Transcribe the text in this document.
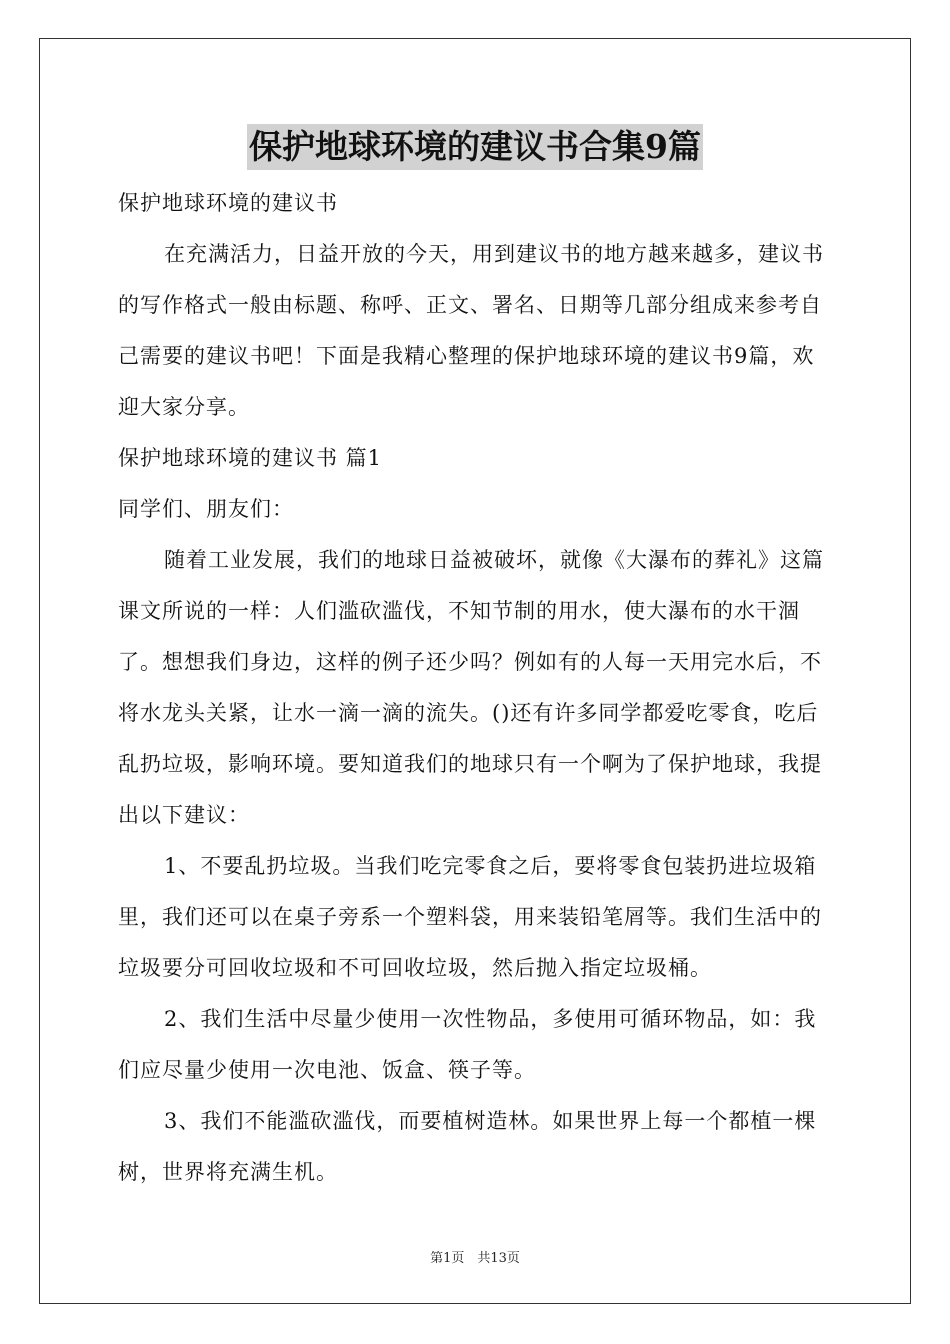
保护地球环境的建议书合集9篇

保护地球环境的建议书

在充满活力，日益开放的今天，用到建议书的地方越来越多，建议书的写作格式一般由标题、称呼、正文、署名、日期等几部分组成来参考自己需要的建议书吧！下面是我精心整理的保护地球环境的建议书9篇，欢迎大家分享。

保护地球环境的建议书 篇1

同学们、朋友们：

随着工业发展，我们的地球日益被破坏，就像《大瀑布的葬礼》这篇课文所说的一样：人们滥砍滥伐，不知节制的用水，使大瀑布的水干涸了。想想我们身边，这样的例子还少吗？例如有的人每一天用完水后，不将水龙头关紧，让水一滴一滴的流失。()还有许多同学都爱吃零食，吃后乱扔垃圾，影响环境。要知道我们的地球只有一个啊为了保护地球，我提出以下建议：

1、不要乱扔垃圾。当我们吃完零食之后，要将零食包装扔进垃圾箱里，我们还可以在桌子旁系一个塑料袋，用来装铅笔屑等。我们生活中的垃圾要分可回收垃圾和不可回收垃圾，然后抛入指定垃圾桶。

2、我们生活中尽量少使用一次性物品，多使用可循环物品，如：我们应尽量少使用一次电池、饭盒、筷子等。

3、我们不能滥砍滥伐，而要植树造林。如果世界上每一个都植一棵树，世界将充满生机。

第1页　共13页
